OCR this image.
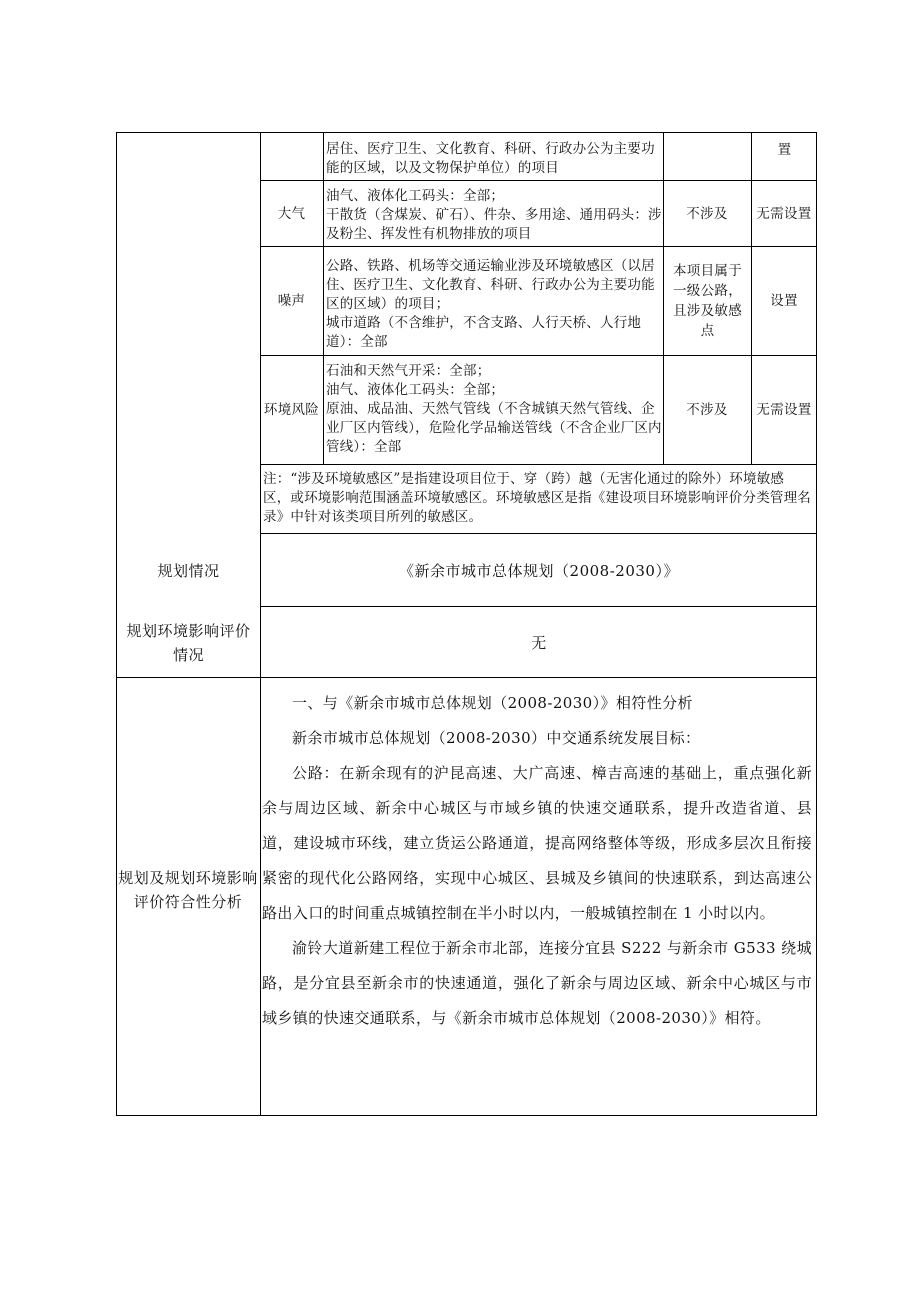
居住、医疗卫生、文化教育、科研、行政办公为主要功能的区域，以及文物保护单位）的项目

置
大气

油气、液体化工码头：全部；

干散货（含煤炭、矿石）、件杂、多用途、通用码头：涉及粉尘、挥发性有机物排放的项目

不涉及 无需设置
噪声

公路、铁路、机场等交通运输业涉及环境敏感区（以居住、医疗卫生、文化教育、科研、行政办公为主要功能区的区域）的项目；

城市道路（不含维护，不含支路、人行天桥、人行地道）：全部

本项目属于一级公路，且涉及敏感点
设置
环境风险

石油和天然气开采：全部；

油气、液体化工码头：全部；

原油、成品油、天然气管线（不含城镇天然气管线、企业厂区内管线），危险化学品输送管线（不含企业厂区内管线）：全部

不涉及 无需设置

注：“涉及环境敏感区”是指建设项目位于、穿（跨）越（无害化通过的除外）环境敏感区，或环境影响范围涵盖环境敏感区。环境敏感区是指《建设项目环境影响评价分类管理名录》中针对该类项目所列的敏感区。

规划情况
规划环境影响评价情况
《新余市城市总体规划（2008-2030）》
无
规划及规划环境影响评价符合性分析

一、与《新余市城市总体规划（2008-2030）》相符性分析

新余市城市总体规划（2008-2030）中交通系统发展目标：

公路：在新余现有的沪昆高速、大广高速、樟吉高速的基础上，重点强化新余与周边区域、新余中心城区与市域乡镇的快速交通联系，提升改造省道、县道，建设城市环线，建立货运公路通道，提高网络整体等级，形成多层次且衔接紧密的现代化公路网络，实现中心城区、县城及乡镇间的快速联系，到达高速公路出入口的时间重点城镇控制在半小时以内，一般城镇控制在 1 小时以内。

渝铃大道新建工程位于新余市北部，连接分宜县 S222 与新余市 G533 绕城路，是分宜县至新余市的快速通道，强化了新余与周边区域、新余中心城区与市域乡镇的快速交通联系，与《新余市城市总体规划（2008-2030）》相符。
